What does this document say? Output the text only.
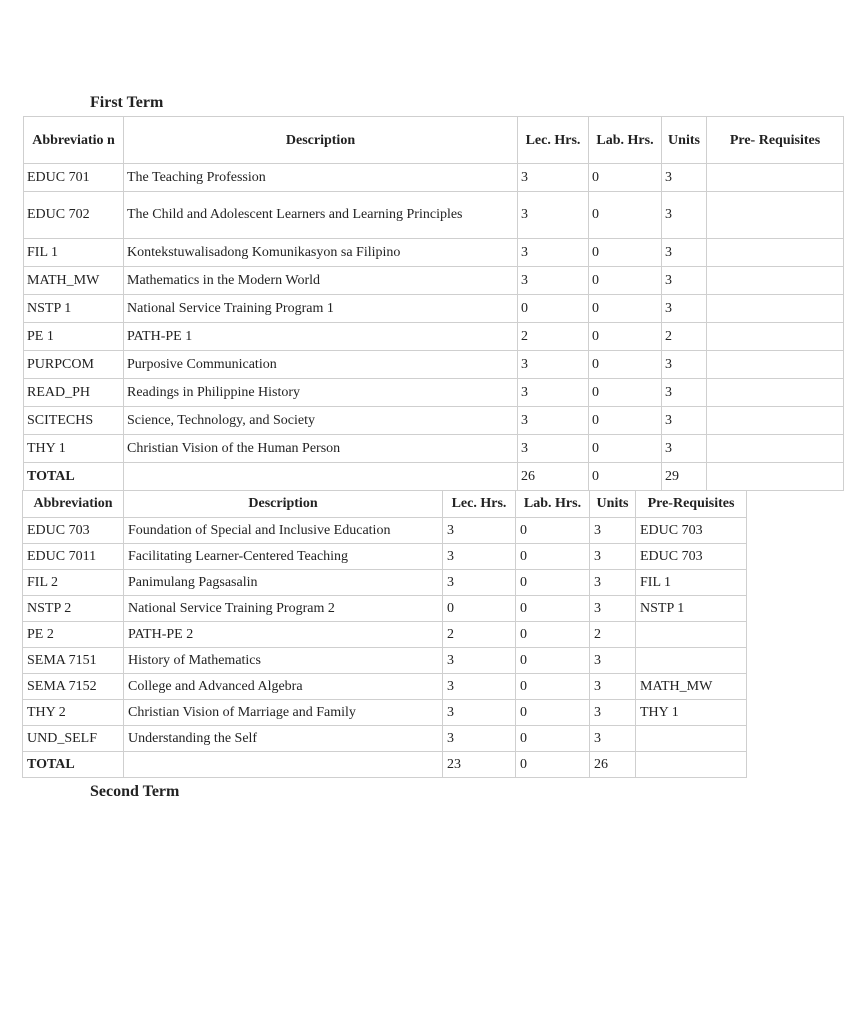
First Term
Abbreviatio n	Description	Lec. Hrs.	Lab. Hrs.	Units	Pre- Requisites
EDUC 701	The Teaching Profession	3	0	3	
EDUC 702	The Child and Adolescent Learners and Learning Principles	3	0	3	
FIL 1	Kontekstuwalisadong Komunikasyon sa Filipino	3	0	3	
MATH_MW	Mathematics in the Modern World	3	0	3	
NSTP 1	National Service Training Program 1	0	0	3	
PE 1	PATH-PE 1	2	0	2	
PURPCOM	Purposive Communication	3	0	3	
READ_PH	Readings in Philippine History	3	0	3	
SCITECHS	Science, Technology, and Society	3	0	3	
THY 1	Christian Vision of the Human Person	3	0	3	
TOTAL		26	0	29	
Abbreviation	Description	Lec. Hrs.	Lab. Hrs.	Units	Pre-Requisites
EDUC 703	Foundation of Special and Inclusive Education	3	0	3	EDUC 703
EDUC 7011	Facilitating Learner-Centered Teaching	3	0	3	EDUC 703
FIL 2	Panimulang Pagsasalin	3	0	3	FIL 1
NSTP 2	National Service Training Program 2	0	0	3	NSTP 1
PE 2	PATH-PE 2	2	0	2	
SEMA 7151	History of Mathematics	3	0	3	
SEMA 7152	College and Advanced Algebra	3	0	3	MATH_MW
THY 2	Christian Vision of Marriage and Family	3	0	3	THY 1
UND_SELF	Understanding the Self	3	0	3	
TOTAL		23	0	26	
Second Term
